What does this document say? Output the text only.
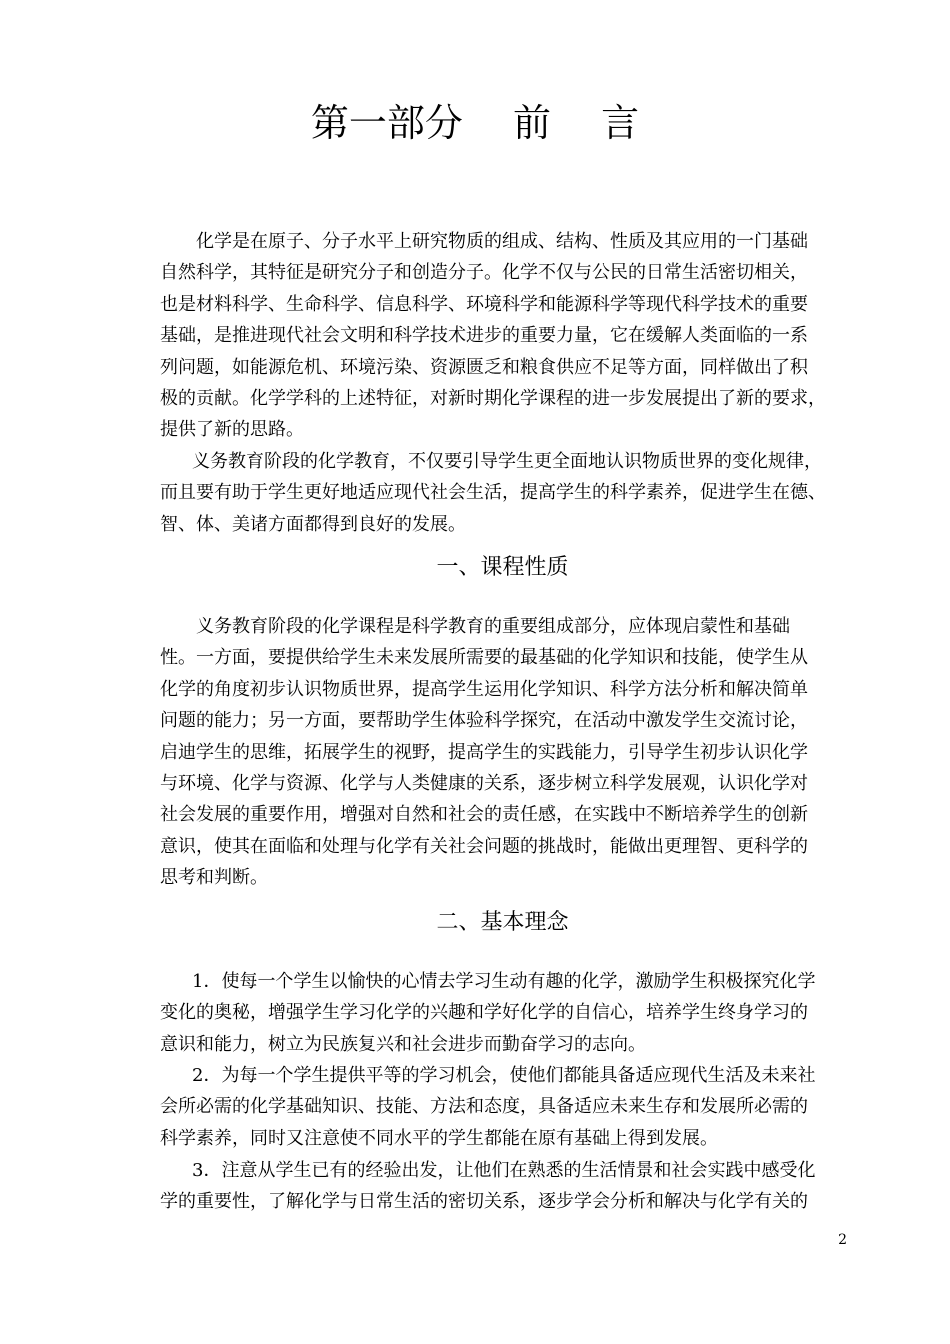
第一部分　 前　 言
化学是在原子、分子水平上研究物质的组成、结构、性质及其应用的一门基础
自然科学，其特征是研究分子和创造分子。化学不仅与公民的日常生活密切相关，
也是材料科学、生命科学、信息科学、环境科学和能源科学等现代科学技术的重要
基础，是推进现代社会文明和科学技术进步的重要力量，它在缓解人类面临的一系
列问题，如能源危机、环境污染、资源匮乏和粮食供应不足等方面，同样做出了积
极的贡献。化学学科的上述特征，对新时期化学课程的进一步发展提出了新的要求，
提供了新的思路。
义务教育阶段的化学教育，不仅要引导学生更全面地认识物质世界的变化规律，
而且要有助于学生更好地适应现代社会生活，提高学生的科学素养，促进学生在德、
智、体、美诸方面都得到良好的发展。
一、课程性质
义务教育阶段的化学课程是科学教育的重要组成部分，应体现启蒙性和基础
性。一方面，要提供给学生未来发展所需要的最基础的化学知识和技能，使学生从
化学的角度初步认识物质世界，提高学生运用化学知识、科学方法分析和解决简单
问题的能力；另一方面，要帮助学生体验科学探究，在活动中激发学生交流讨论，
启迪学生的思维，拓展学生的视野，提高学生的实践能力，引导学生初步认识化学
与环境、化学与资源、化学与人类健康的关系，逐步树立科学发展观，认识化学对
社会发展的重要作用，增强对自然和社会的责任感，在实践中不断培养学生的创新
意识，使其在面临和处理与化学有关社会问题的挑战时，能做出更理智、更科学的
思考和判断。
二、基本理念
1．使每一个学生以愉快的心情去学习生动有趣的化学，激励学生积极探究化学
变化的奥秘，增强学生学习化学的兴趣和学好化学的自信心，培养学生终身学习的
意识和能力，树立为民族复兴和社会进步而勤奋学习的志向。
2．为每一个学生提供平等的学习机会，使他们都能具备适应现代生活及未来社
会所必需的化学基础知识、技能、方法和态度，具备适应未来生存和发展所必需的
科学素养，同时又注意使不同水平的学生都能在原有基础上得到发展。
3．注意从学生已有的经验出发，让他们在熟悉的生活情景和社会实践中感受化
学的重要性，了解化学与日常生活的密切关系，逐步学会分析和解决与化学有关的
2
